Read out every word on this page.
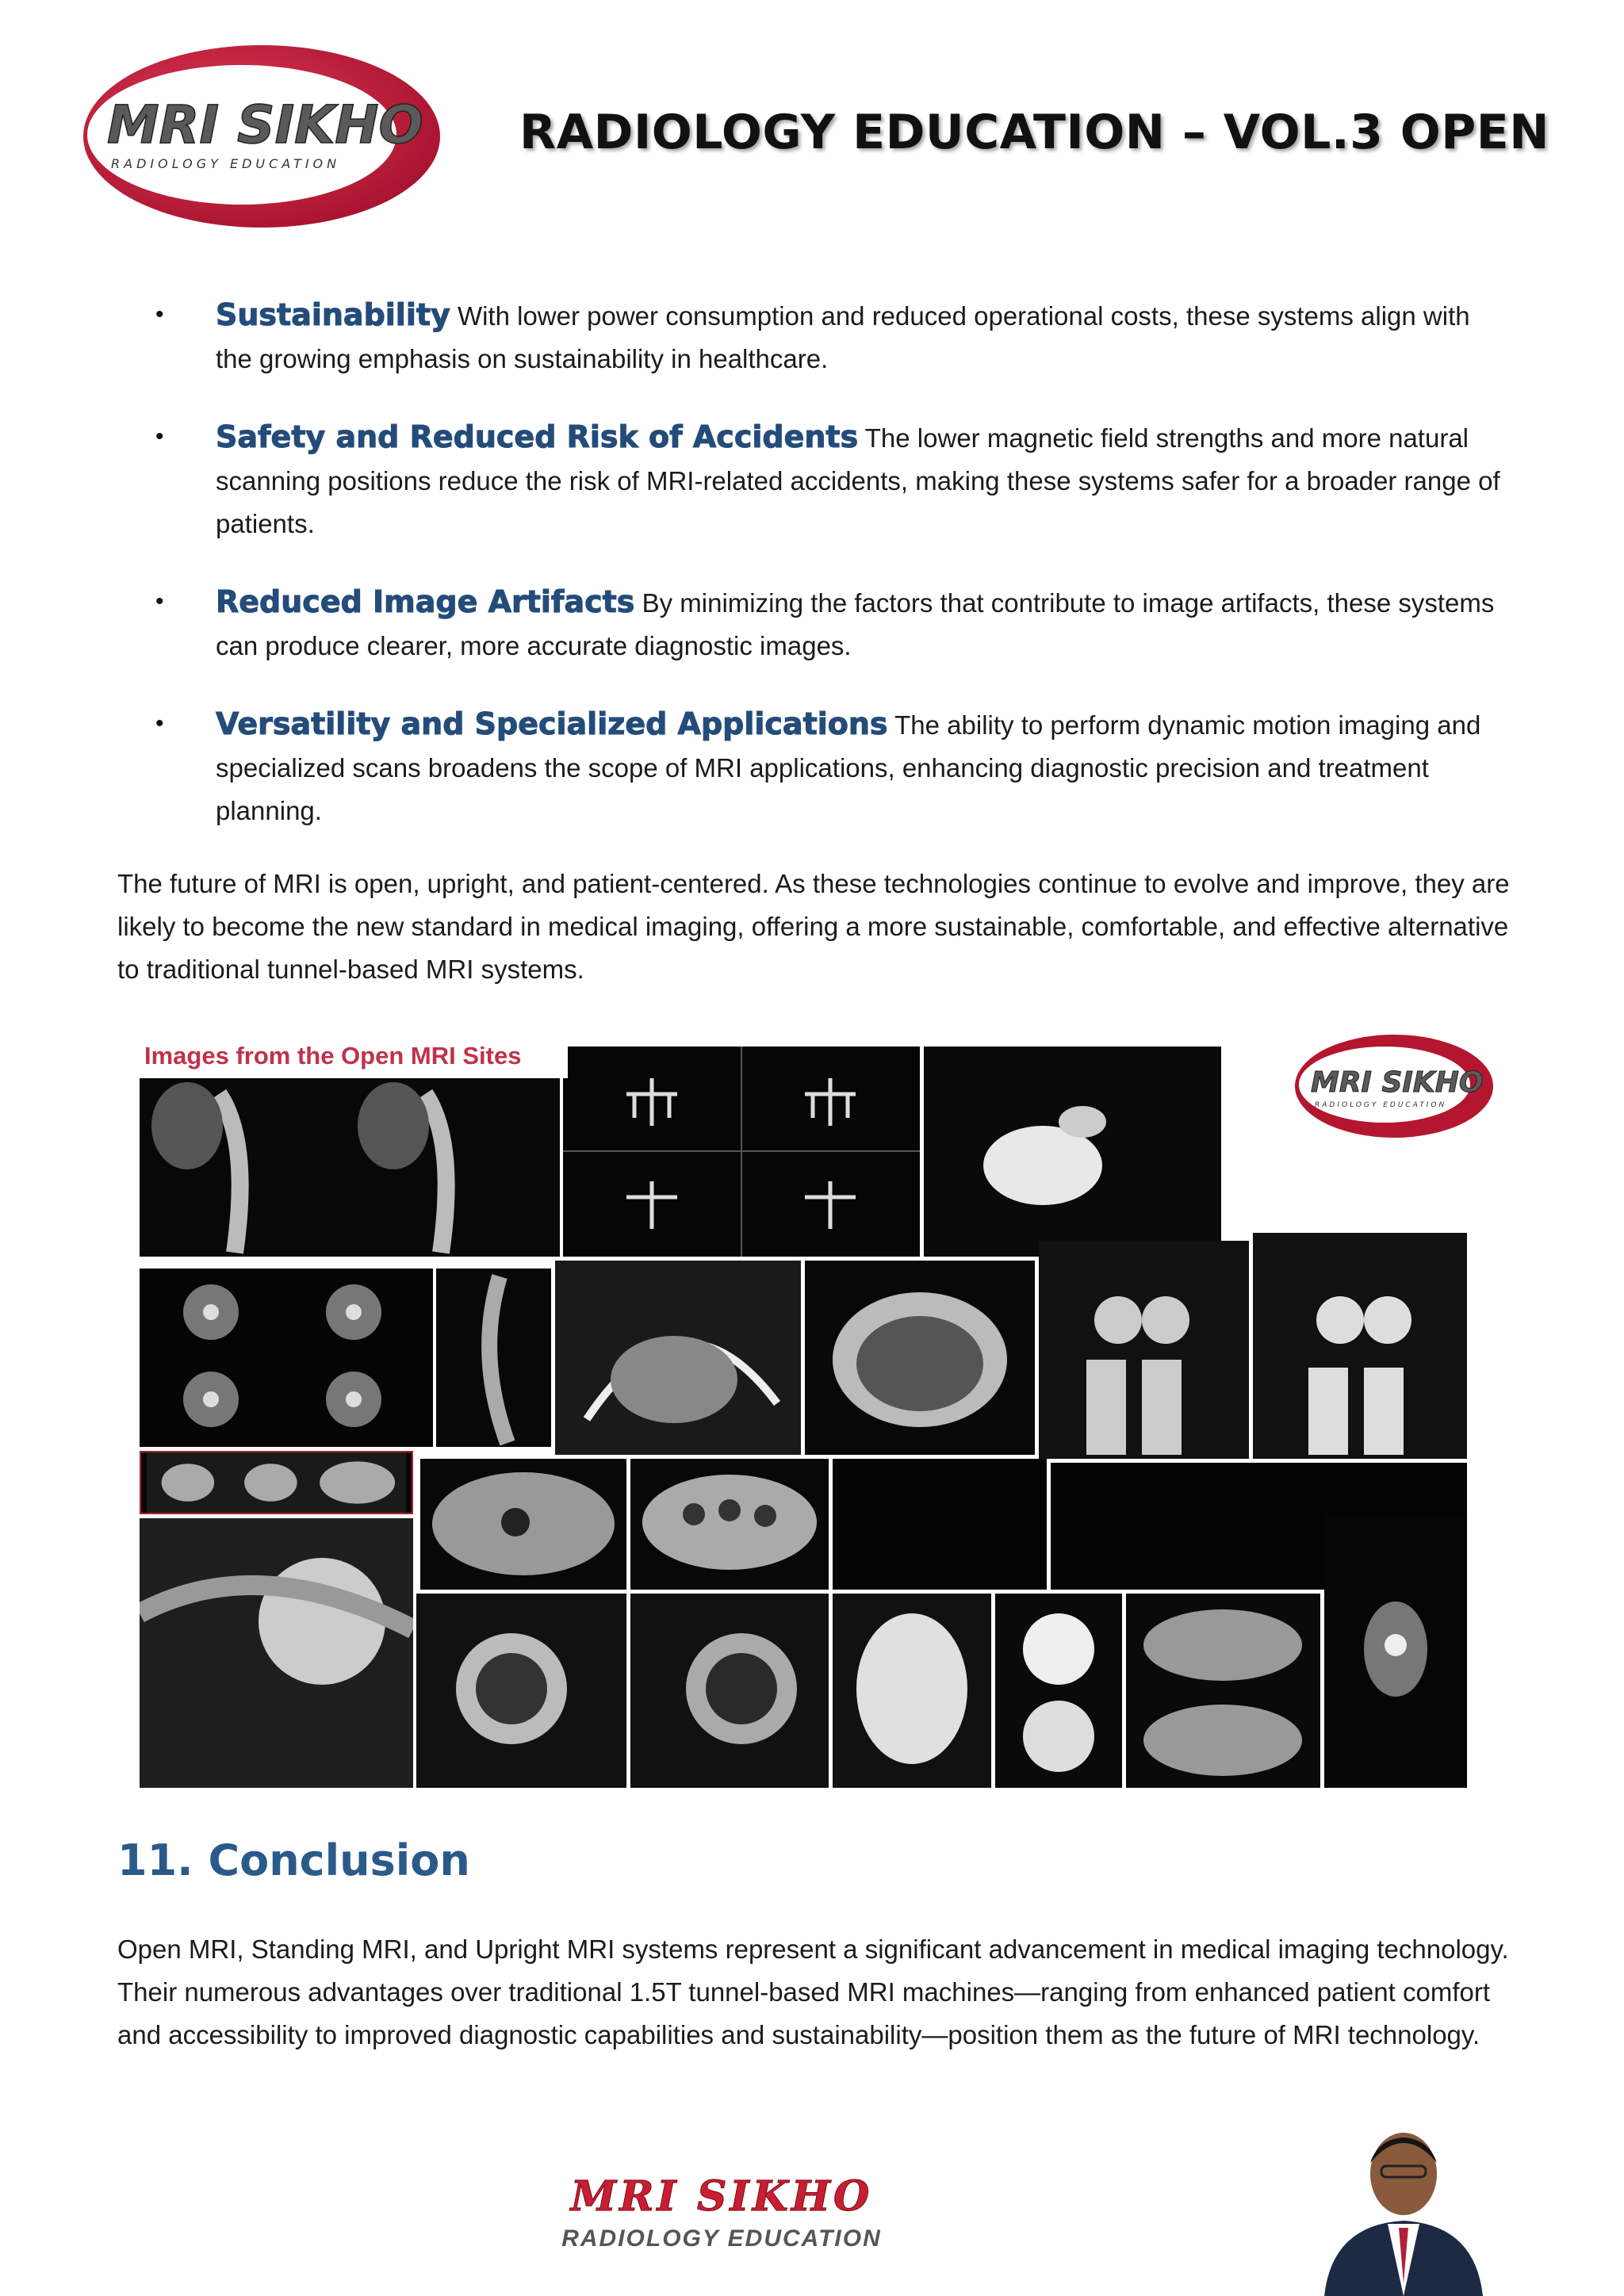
MRI SIKHO
RADIOLOGY EDUCATION
RADIOLOGY EDUCATION – VOL.3 OPEN
• Sustainability With lower power consumption and reduced operational costs, these systems align with the growing emphasis on sustainability in healthcare.
• Safety and Reduced Risk of Accidents The lower magnetic field strengths and more natural scanning positions reduce the risk of MRI-related accidents, making these systems safer for a broader range of patients.
• Reduced Image Artifacts By minimizing the factors that contribute to image artifacts, these systems can produce clearer, more accurate diagnostic images.
• Versatility and Specialized Applications The ability to perform dynamic motion imaging and specialized scans broadens the scope of MRI applications, enhancing diagnostic precision and treatment planning.

The future of MRI is open, upright, and patient-centered. As these technologies continue to evolve and improve, they are likely to become the new standard in medical imaging, offering a more sustainable, comfortable, and effective alternative to traditional tunnel-based MRI systems.

Images from the Open MRI Sites
MRI SIKHO
RADIOLOGY EDUCATION
11. Conclusion

Open MRI, Standing MRI, and Upright MRI systems represent a significant advancement in medical imaging technology. Their numerous advantages over traditional 1.5T tunnel-based MRI machines—ranging from enhanced patient comfort and accessibility to improved diagnostic capabilities and sustainability—position them as the future of MRI technology.

MRI SIKHO
RADIOLOGY EDUCATION
